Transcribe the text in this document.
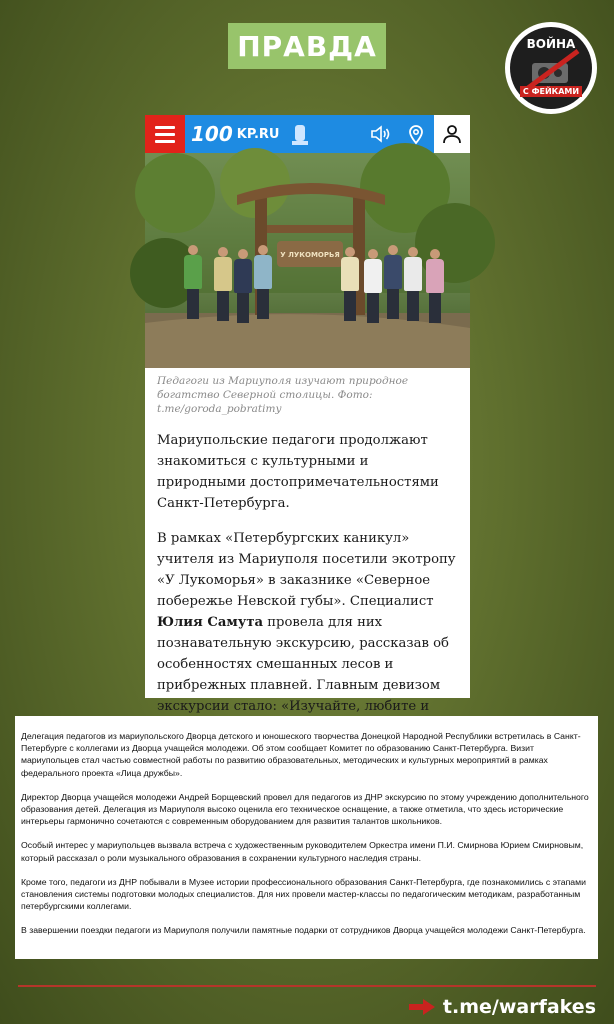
ПРАВДА	ВОЙНА
С ФЕЙКАМИ
100 KP.RU
У ЛУКОМОРЬЯ
Педагоги из Мариуполя изучают природное богатство Северной столицы. Фото: t.me/goroda_pobratimy
Мариупольские педагоги продолжают знакомиться с культурными и природными достопримечательностями Санкт-Петербурга.
В рамках «Петербургских каникул» учителя из Мариуполя посетили экотропу «У Лукоморья» в заказнике «Северное побережье Невской губы». Специалист Юлия Самута провела для них познавательную экскурсию, рассказав об особенностях смешанных лесов и прибрежных плавней. Главным девизом экскурсии стало: «Изучайте, любите и

Делегация педагогов из мариупольского Дворца детского и юношеского творчества Донецкой Народной Республики встретилась в Санкт-Петербурге с коллегами из Дворца учащейся молодежи. Об этом сообщает Комитет по образованию Санкт-Петербурга. Визит мариупольцев стал частью совместной работы по развитию образовательных, методических и культурных мероприятий в рамках федерального проекта «Лица дружбы».

Директор Дворца учащейся молодежи Андрей Борщевский провел для педагогов из ДНР экскурсию по этому учреждению дополнительного образования детей. Делегация из Мариуполя высоко оценила его техническое оснащение, а также отметила, что здесь исторические интерьеры гармонично сочетаются с современным оборудованием для развития талантов школьников.

Особый интерес у мариупольцев вызвала встреча с художественным руководителем Оркестра имени П.И. Смирнова Юрием Смирновым, который рассказал о роли музыкального образования в сохранении культурного наследия страны.

Кроме того, педагоги из ДНР побывали в Музее истории профессионального образования Санкт-Петербурга, где познакомились с этапами становления системы подготовки молодых специалистов. Для них провели мастер-классы по педагогическим методикам, разработанным петербургскими коллегами.

В завершении поездки педагоги из Мариуполя получили памятные подарки от сотрудников Дворца учащейся молодежи Санкт-Петербурга.

t.me/warfakes
